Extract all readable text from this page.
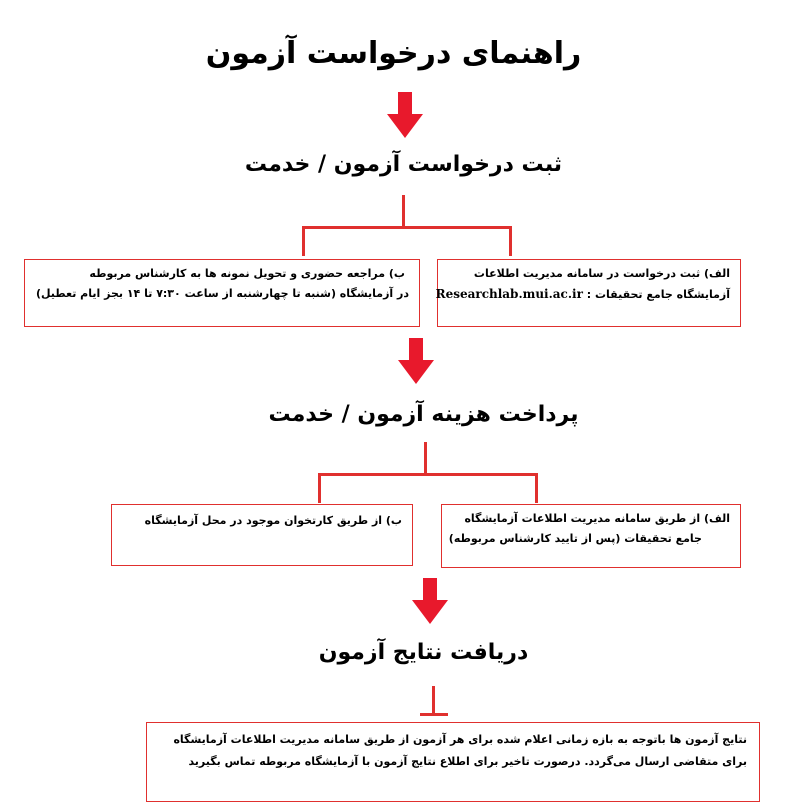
راهنمای درخواست آزمون
ثبت درخواست آزمون / خدمت
ب) مراجعه حضوری و تحویل نمونه ها به کارشناس مربوطه
در آزمایشگاه (شنبه تا چهارشنبه از ساعت ۷:۳۰ تا ۱۴ بجز ایام تعطیل)
الف) ثبت درخواست در سامانه مدیریت اطلاعات
آزمایشگاه جامع تحقیقات : Researchlab.mui.ac.ir
پرداخت هزینه آزمون / خدمت
ب) از طریق کارتخوان موجود در محل آزمایشگاه	الف) از طریق سامانه مدیریت اطلاعات آزمایشگاه
جامع تحقیقات (پس از تایید کارشناس مربوطه)
دریافت نتایج آزمون
نتایج آزمون ها باتوجه به بازه زمانی اعلام شده برای هر آزمون از طریق سامانه مدیریت اطلاعات آزمایشگاه
برای متقاضی ارسال می‌گردد. درصورت تاخیر برای اطلاع نتایج آزمون با آزمایشگاه مربوطه تماس بگیرید
